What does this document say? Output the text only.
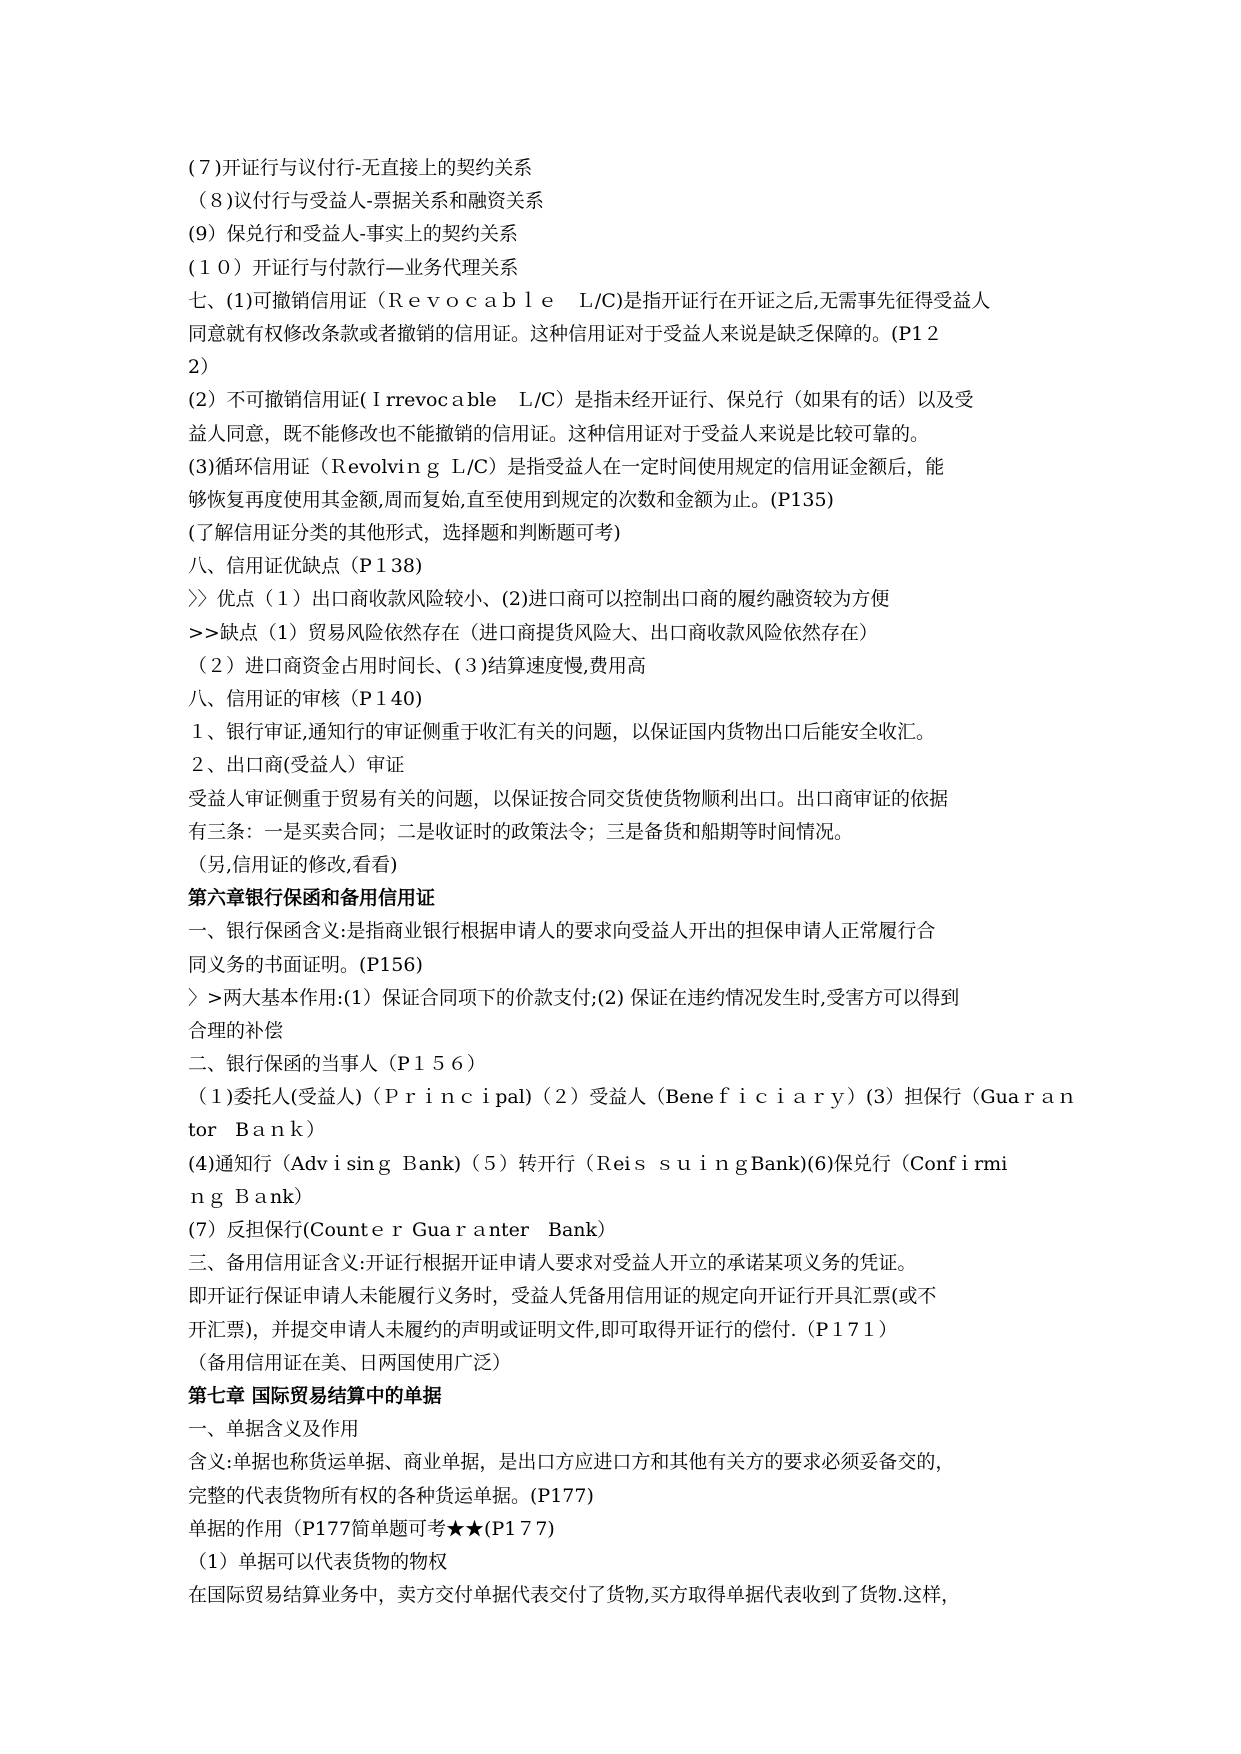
(７)开证行与议付行-无直接上的契约关系
（８)议付行与受益人-票据关系和融资关系
(9）保兑行和受益人-事实上的契约关系
(１０）开证行与付款行—业务代理关系
七、(1)可撤销信用证（Ｒｅｖｏｃａｂｌｅ　Ｌ/C)是指开证行在开证之后,无需事先征得受益人
同意就有权修改条款或者撤销的信用证。这种信用证对于受益人来说是缺乏保障的。(P1２
2）
(2）不可撤销信用证(Ｉrrevocａble　Ｌ/C）是指未经开证行、保兑行（如果有的话）以及受
益人同意，既不能修改也不能撤销的信用证。这种信用证对于受益人来说是比较可靠的。
(3)循环信用证（Ｒevolviｎｇ Ｌ/C）是指受益人在一定时间使用规定的信用证金额后，能
够恢复再度使用其金额,周而复始,直至使用到规定的次数和金额为止。(P135)
(了解信用证分类的其他形式，选择题和判断题可考)
八、信用证优缺点（P１38)
〉〉优点（１）出口商收款风险较小、(2)进口商可以控制出口商的履约融资较为方便
>>缺点（1）贸易风险依然存在（进口商提货风险大、出口商收款风险依然存在）
（２）进口商资金占用时间长、(３)结算速度慢,费用高
八、信用证的审核（P１40)
１、银行审证,通知行的审证侧重于收汇有关的问题，以保证国内货物出口后能安全收汇。
２、出口商(受益人）审证
受益人审证侧重于贸易有关的问题，以保证按合同交货使货物顺利出口。出口商审证的依据
有三条：一是买卖合同；二是收证时的政策法令；三是备货和船期等时间情况。
（另,信用证的修改,看看)
第六章银行保函和备用信用证
一、银行保函含义:是指商业银行根据申请人的要求向受益人开出的担保申请人正常履行合
同义务的书面证明。(P156)
〉>两大基本作用:(1）保证合同项下的价款支付;(2) 保证在违约情况发生时,受害方可以得到
合理的补偿
二、银行保函的当事人（P１５６）
（１)委托人(受益人)（Ｐｒｉｎｃｉpal)（２）受益人（Beneｆｉｃｉａｒｙ）(3）担保行（Guaｒａｎ
tor　Bａｎｋ）
(4)通知行（Advｉsinｇ Ｂank)（５）转开行（Ｒeiｓ ｓｕｉｎｇBank)(6)保兑行（Confｉrmi
ｎｇ Ｂａnk）
(7）反担保行(Countｅｒ Guaｒａnter　Bank）
三、备用信用证含义:开证行根据开证申请人要求对受益人开立的承诺某项义务的凭证。
即开证行保证申请人未能履行义务时，受益人凭备用信用证的规定向开证行开具汇票(或不
开汇票)，并提交申请人未履约的声明或证明文件,即可取得开证行的偿付.（P１7１）
（备用信用证在美、日两国使用广泛）
第七章 国际贸易结算中的单据
一、单据含义及作用
含义:单据也称货运单据、商业单据，是出口方应进口方和其他有关方的要求必须妥备交的，
完整的代表货物所有权的各种货运单据。(P177)
单据的作用（P177简单题可考★★(P1７7)
（1）单据可以代表货物的物权
在国际贸易结算业务中，卖方交付单据代表交付了货物,买方取得单据代表收到了货物.这样，
